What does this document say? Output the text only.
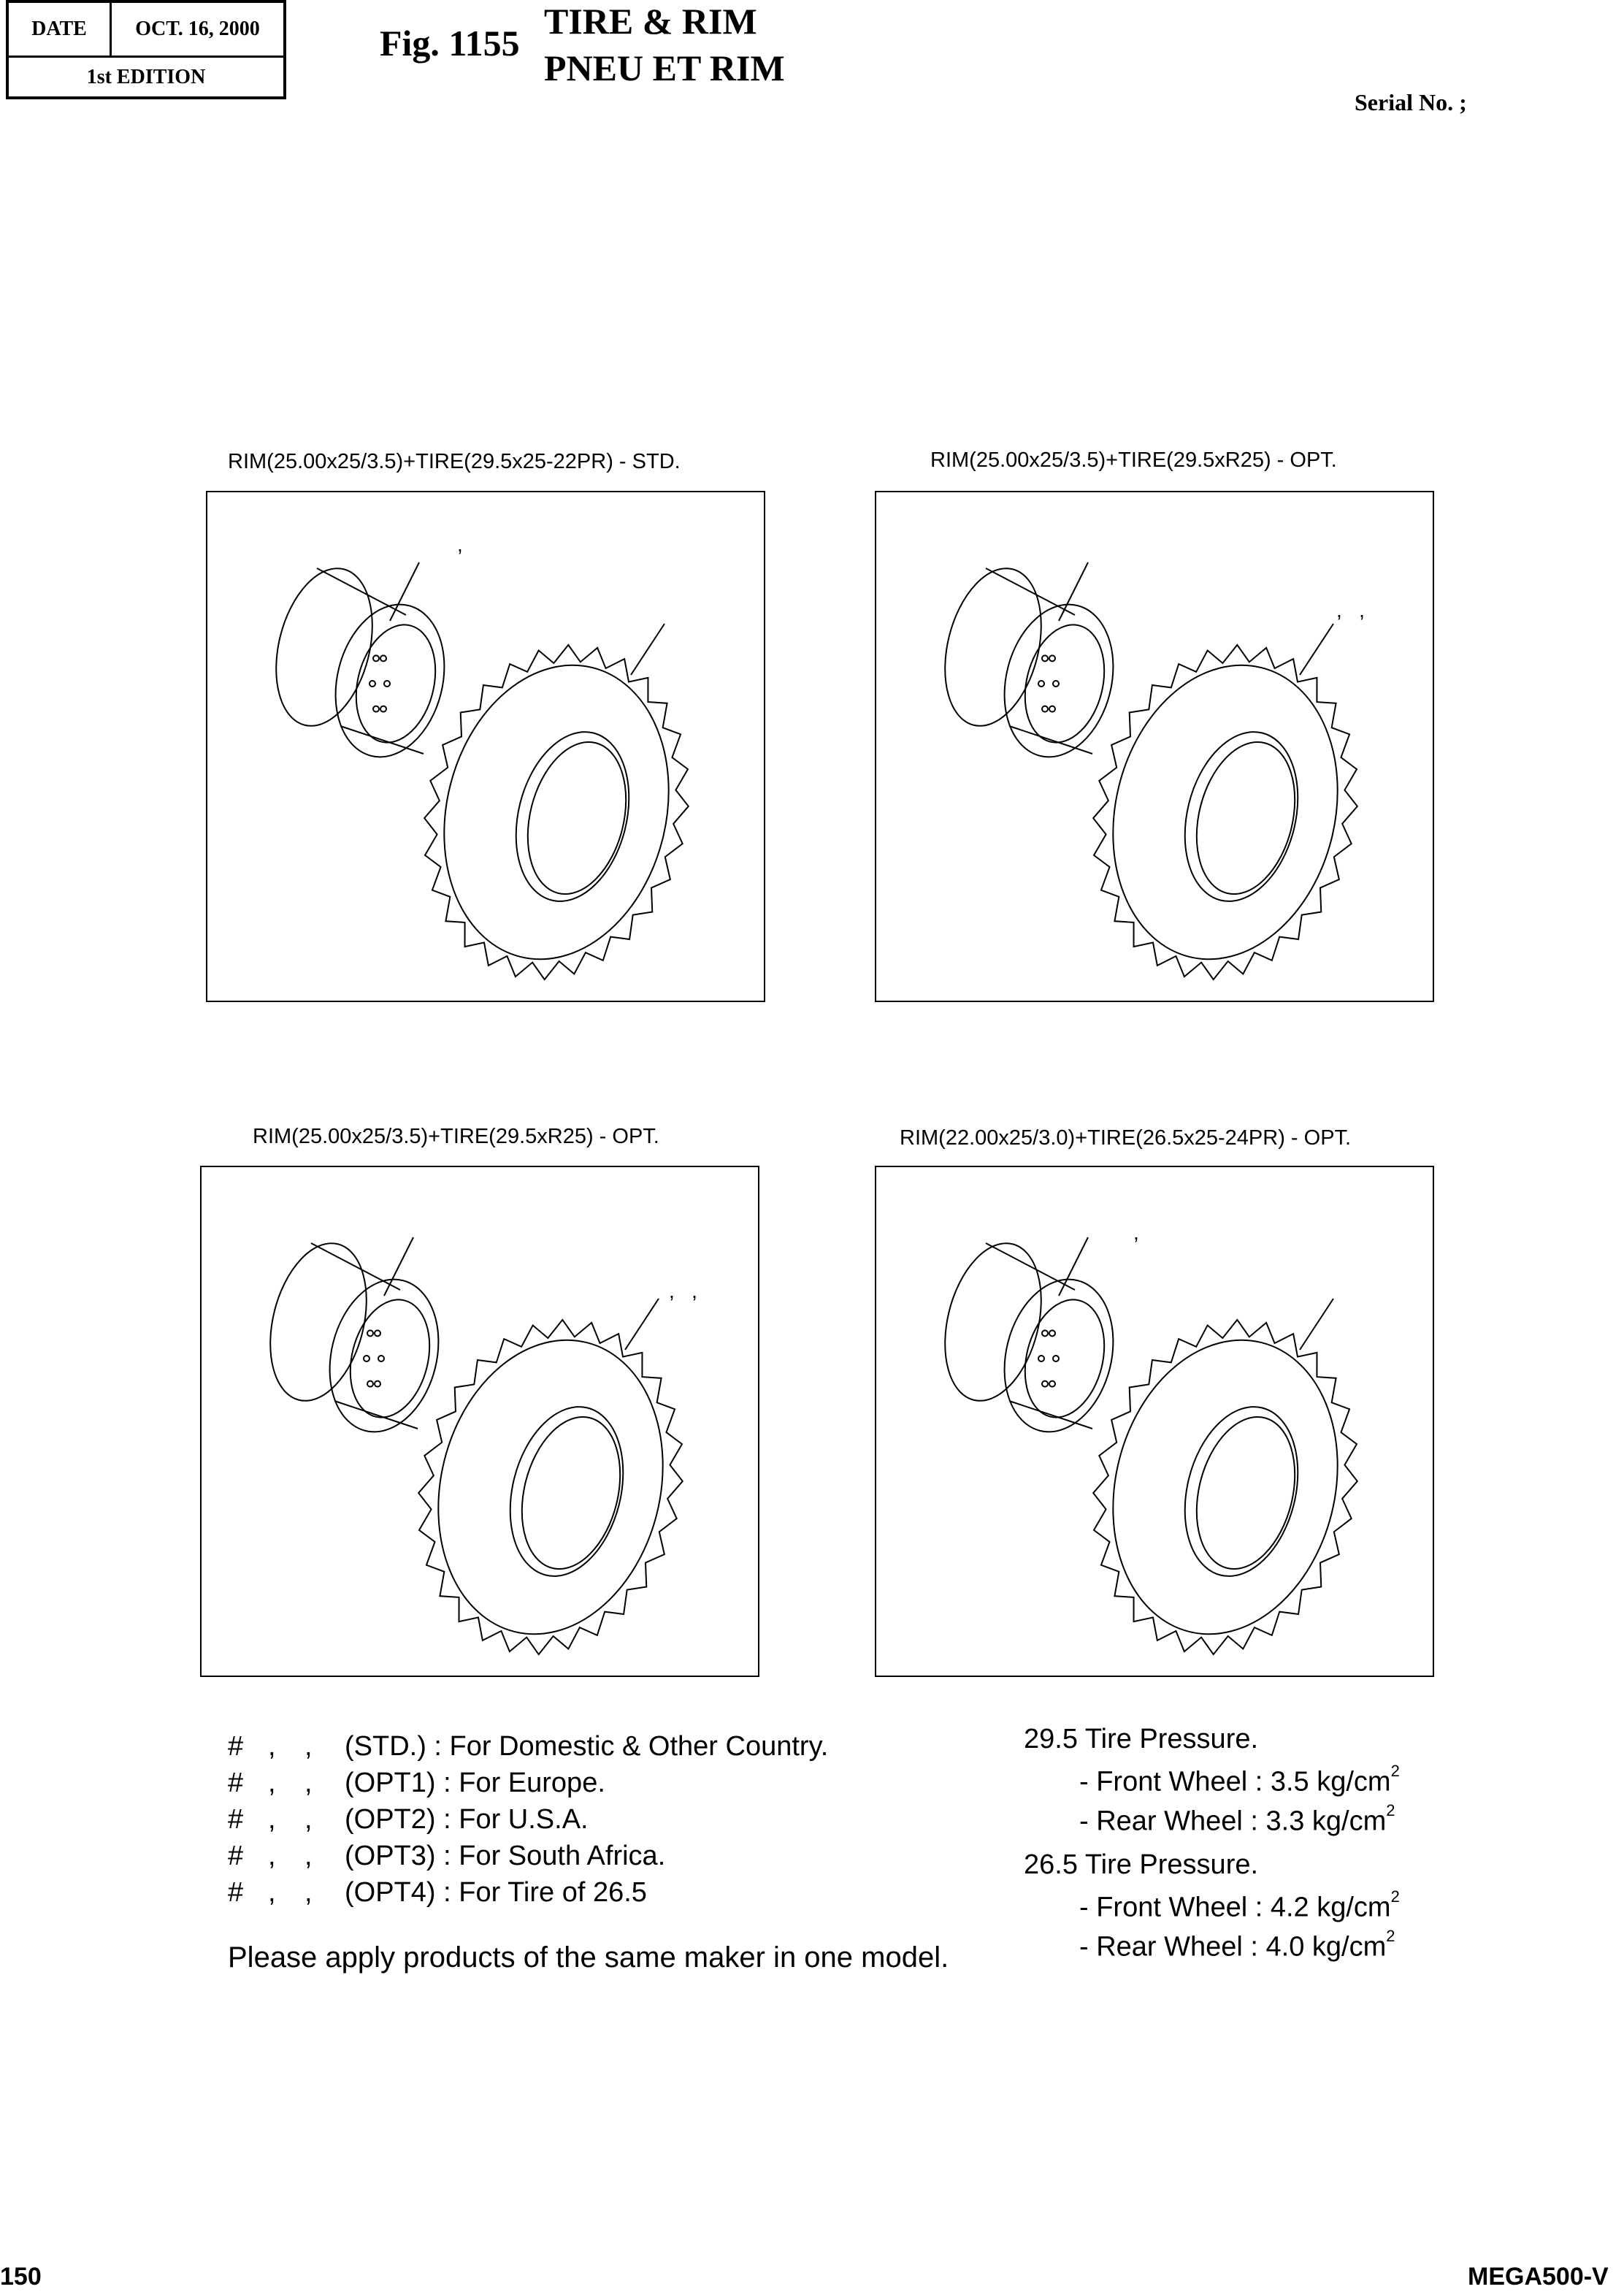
DATE	OCT. 16, 2000
1st EDITION
Fig. 1155
TIRE & RIM
PNEU ET RIM
Serial No. ;
RIM(25.00x25/3.5)+TIRE(29.5x25-22PR) - STD.
,
RIM(25.00x25/3.5)+TIRE(29.5xR25) - OPT.
,   ,
RIM(25.00x25/3.5)+TIRE(29.5xR25) - OPT.
,   ,
RIM(22.00x25/3.0)+TIRE(26.5x25-24PR) - OPT.
,
# , , (STD.) : For Domestic & Other Country.
# , , (OPT1) : For Europe.
# , , (OPT2) : For U.S.A.
# , , (OPT3) : For South Africa.
# , , (OPT4) : For Tire of 26.5
Please apply products of the same maker in one model.
29.5 Tire Pressure.
- Front Wheel : 3.5 $kg/cm^2$
- Rear Wheel : 3.3 $kg/cm^2$
26.5 Tire Pressure.
- Front Wheel : 4.2 $kg/cm^2$
- Rear Wheel : 4.0 $kg/cm^2$
150	MEGA500-V
